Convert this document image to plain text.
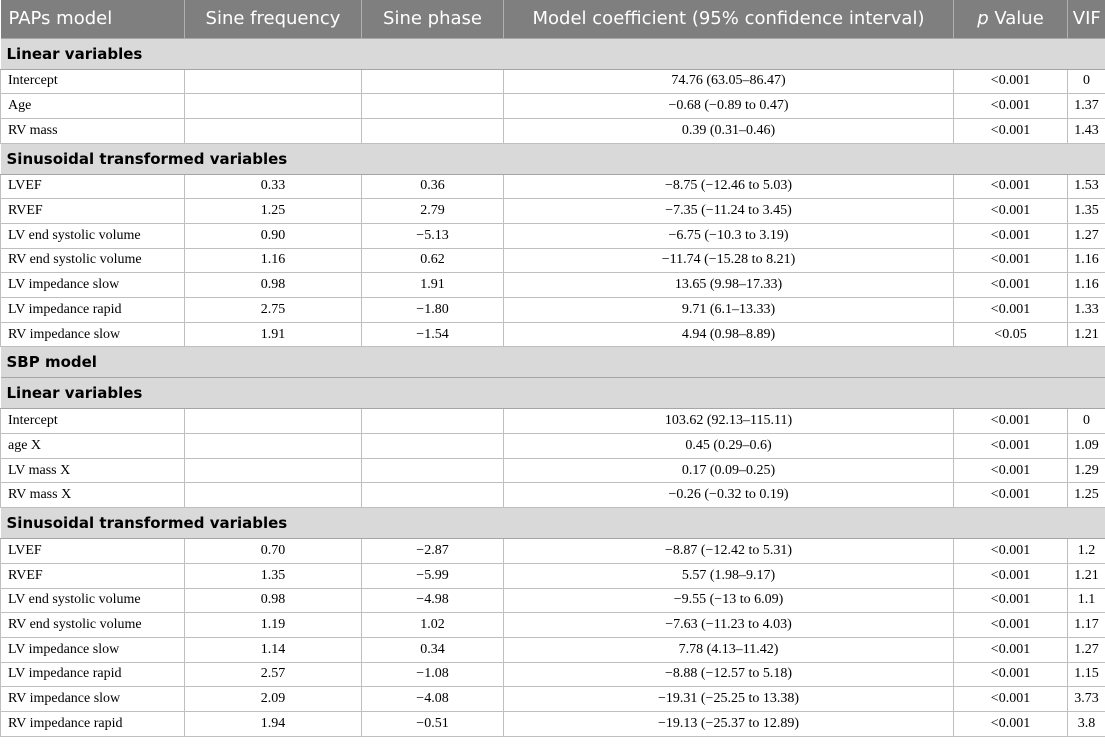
PAPs model	Sine frequency	Sine phase	Model coefficient (95% confidence interval)	p Value	VIF
Linear variables					
Intercept			74.76 (63.05–86.47)	<0.001	0
Age			−0.68 (−0.89 to 0.47)	<0.001	1.37
RV mass			0.39 (0.31–0.46)	<0.001	1.43
Sinusoidal transformed variables					
LVEF	0.33	0.36	−8.75 (−12.46 to 5.03)	<0.001	1.53
RVEF	1.25	2.79	−7.35 (−11.24 to 3.45)	<0.001	1.35
LV end systolic volume	0.90	−5.13	−6.75 (−10.3 to 3.19)	<0.001	1.27
RV end systolic volume	1.16	0.62	−11.74 (−15.28 to 8.21)	<0.001	1.16
LV impedance slow	0.98	1.91	13.65 (9.98–17.33)	<0.001	1.16
LV impedance rapid	2.75	−1.80	9.71 (6.1–13.33)	<0.001	1.33
RV impedance slow	1.91	−1.54	4.94 (0.98–8.89)	<0.05	1.21
SBP model					
Linear variables					
Intercept			103.62 (92.13–115.11)	<0.001	0
age X			0.45 (0.29–0.6)	<0.001	1.09
LV mass X			0.17 (0.09–0.25)	<0.001	1.29
RV mass X			−0.26 (−0.32 to 0.19)	<0.001	1.25
Sinusoidal transformed variables					
LVEF	0.70	−2.87	−8.87 (−12.42 to 5.31)	<0.001	1.2
RVEF	1.35	−5.99	5.57 (1.98–9.17)	<0.001	1.21
LV end systolic volume	0.98	−4.98	−9.55 (−13 to 6.09)	<0.001	1.1
RV end systolic volume	1.19	1.02	−7.63 (−11.23 to 4.03)	<0.001	1.17
LV impedance slow	1.14	0.34	7.78 (4.13–11.42)	<0.001	1.27
LV impedance rapid	2.57	−1.08	−8.88 (−12.57 to 5.18)	<0.001	1.15
RV impedance slow	2.09	−4.08	−19.31 (−25.25 to 13.38)	<0.001	3.73
RV impedance rapid	1.94	−0.51	−19.13 (−25.37 to 12.89)	<0.001	3.8
